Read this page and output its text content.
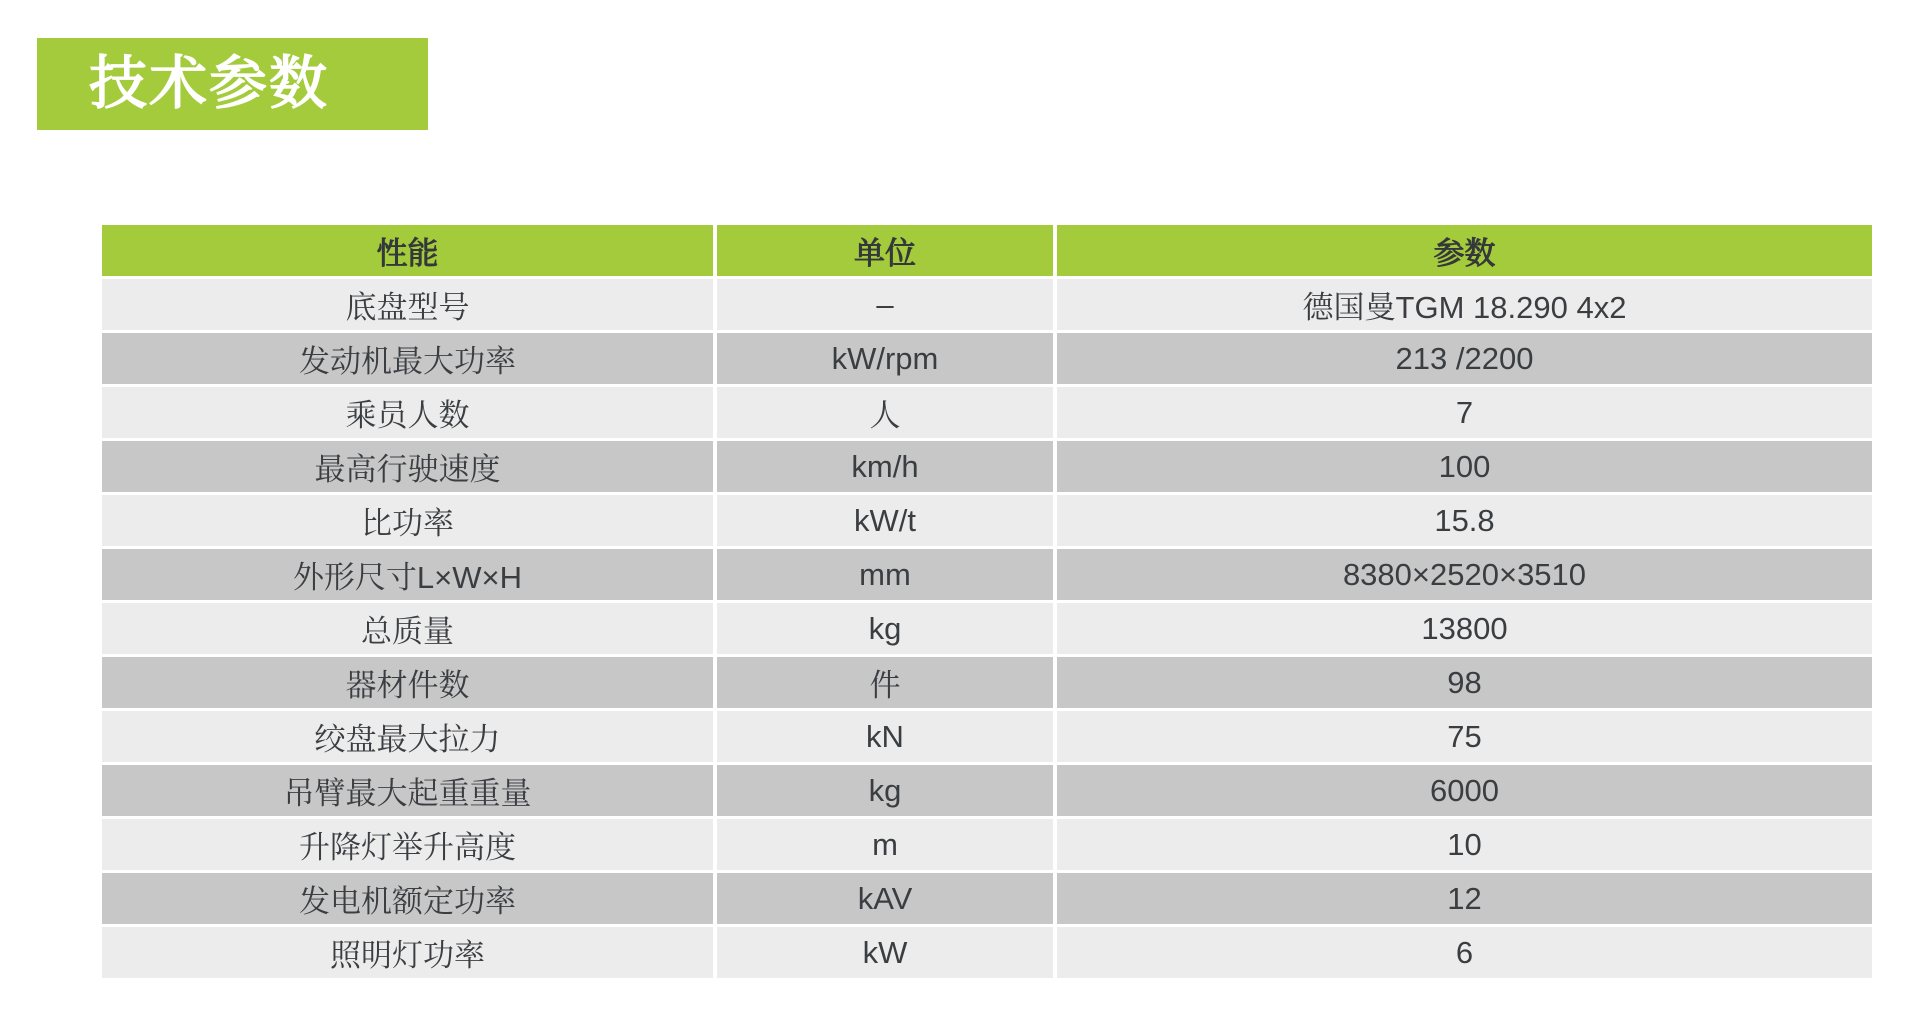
技术参数
性能	单位	参数
底盘型号	–	德国曼TGM 18.290 4x2
发动机最大功率	kW/rpm	213 /2200
乘员人数	人	7
最高行驶速度	km/h	100
比功率	kW/t	15.8
外形尺寸L×W×H	mm	8380×2520×3510
总质量	kg	13800
器材件数	件	98
绞盘最大拉力	kN	75
吊臂最大起重重量	kg	6000
升降灯举升高度	m	10
发电机额定功率	kAV	12
照明灯功率	kW	6
